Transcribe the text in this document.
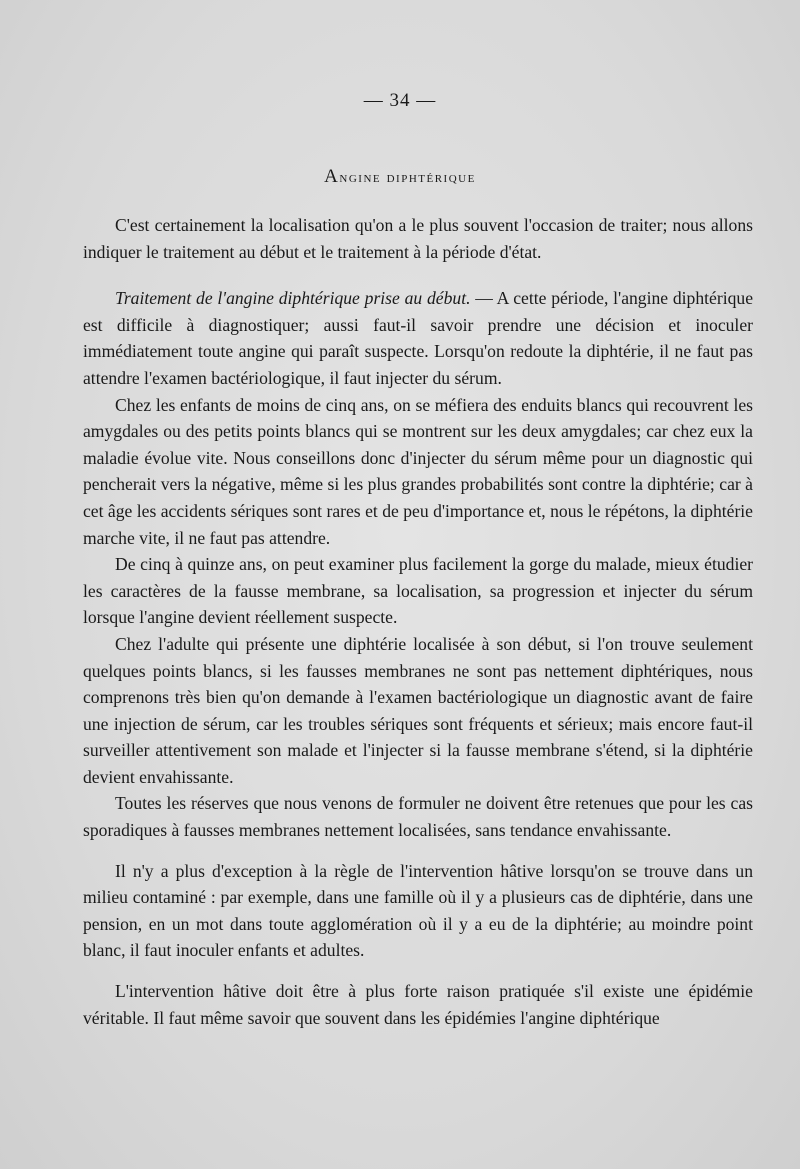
— 34 —
Angine diphtérique

C'est certainement la localisation qu'on a le plus souvent l'occasion de traiter; nous allons indiquer le traitement au début et le traitement à la période d'état.

Traitement de l'angine diphtérique prise au début. — A cette période, l'angine diphtérique est difficile à diagnostiquer; aussi faut-il savoir prendre une décision et inoculer immédiatement toute angine qui paraît suspecte. Lorsqu'on redoute la diphtérie, il ne faut pas attendre l'examen bactériologique, il faut injecter du sérum.

Chez les enfants de moins de cinq ans, on se méfiera des enduits blancs qui recouvrent les amygdales ou des petits points blancs qui se montrent sur les deux amygdales; car chez eux la maladie évolue vite. Nous conseillons donc d'injecter du sérum même pour un diagnostic qui pencherait vers la négative, même si les plus grandes probabilités sont contre la diphtérie; car à cet âge les accidents sériques sont rares et de peu d'importance et, nous le répétons, la diphtérie marche vite, il ne faut pas attendre.

De cinq à quinze ans, on peut examiner plus facilement la gorge du malade, mieux étudier les caractères de la fausse membrane, sa localisation, sa progression et injecter du sérum lorsque l'angine devient réellement suspecte.

Chez l'adulte qui présente une diphtérie localisée à son début, si l'on trouve seulement quelques points blancs, si les fausses membranes ne sont pas nettement diphtériques, nous comprenons très bien qu'on demande à l'examen bactériologique un diagnostic avant de faire une injection de sérum, car les troubles sériques sont fréquents et sérieux; mais encore faut-il surveiller attentivement son malade et l'injecter si la fausse membrane s'étend, si la diphtérie devient envahissante.

Toutes les réserves que nous venons de formuler ne doivent être retenues que pour les cas sporadiques à fausses membranes nettement localisées, sans tendance envahissante.

Il n'y a plus d'exception à la règle de l'intervention hâtive lorsqu'on se trouve dans un milieu contaminé : par exemple, dans une famille où il y a plusieurs cas de diphtérie, dans une pension, en un mot dans toute agglomération où il y a eu de la diphtérie; au moindre point blanc, il faut inoculer enfants et adultes.

L'intervention hâtive doit être à plus forte raison pratiquée s'il existe une épidémie véritable. Il faut même savoir que souvent dans les épidémies l'angine diphtérique
